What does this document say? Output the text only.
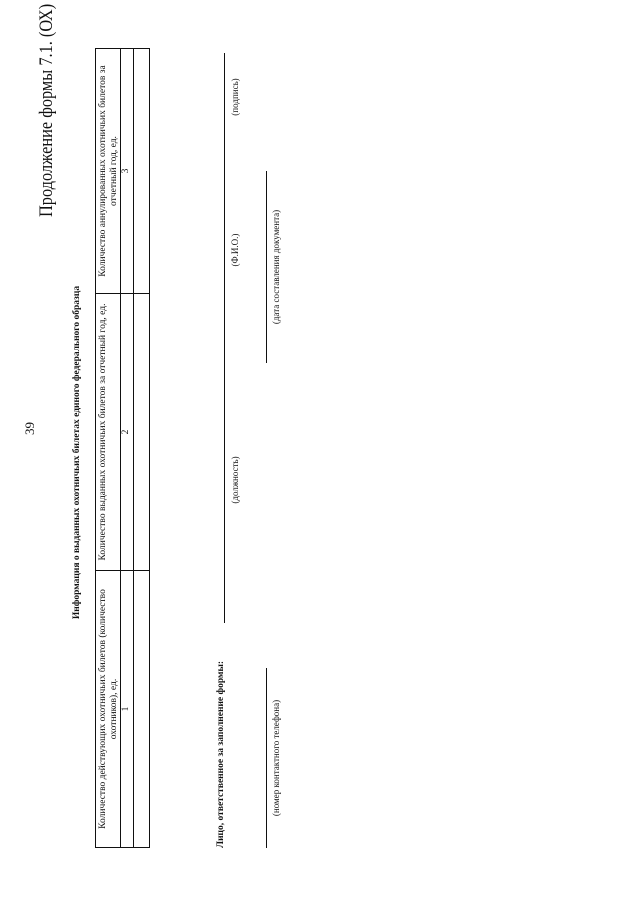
Продолжение формы 7.1. (ОХ)
39	Информация о выданных охотничьих билетах единого федерального образца
Количество действующих охотничьих билетов (количество охотников), ед.	Количество выданных охотничьих билетов за отчетный год, ед.	Количество аннулированных охотничьих билетов за отчетный год, ед.
1	2	3

Лицо, ответственное за заполнение формы:
(должность)
(Ф.И.О.)
(подпись)
(номер контактного телефона)
(дата составления документа)
